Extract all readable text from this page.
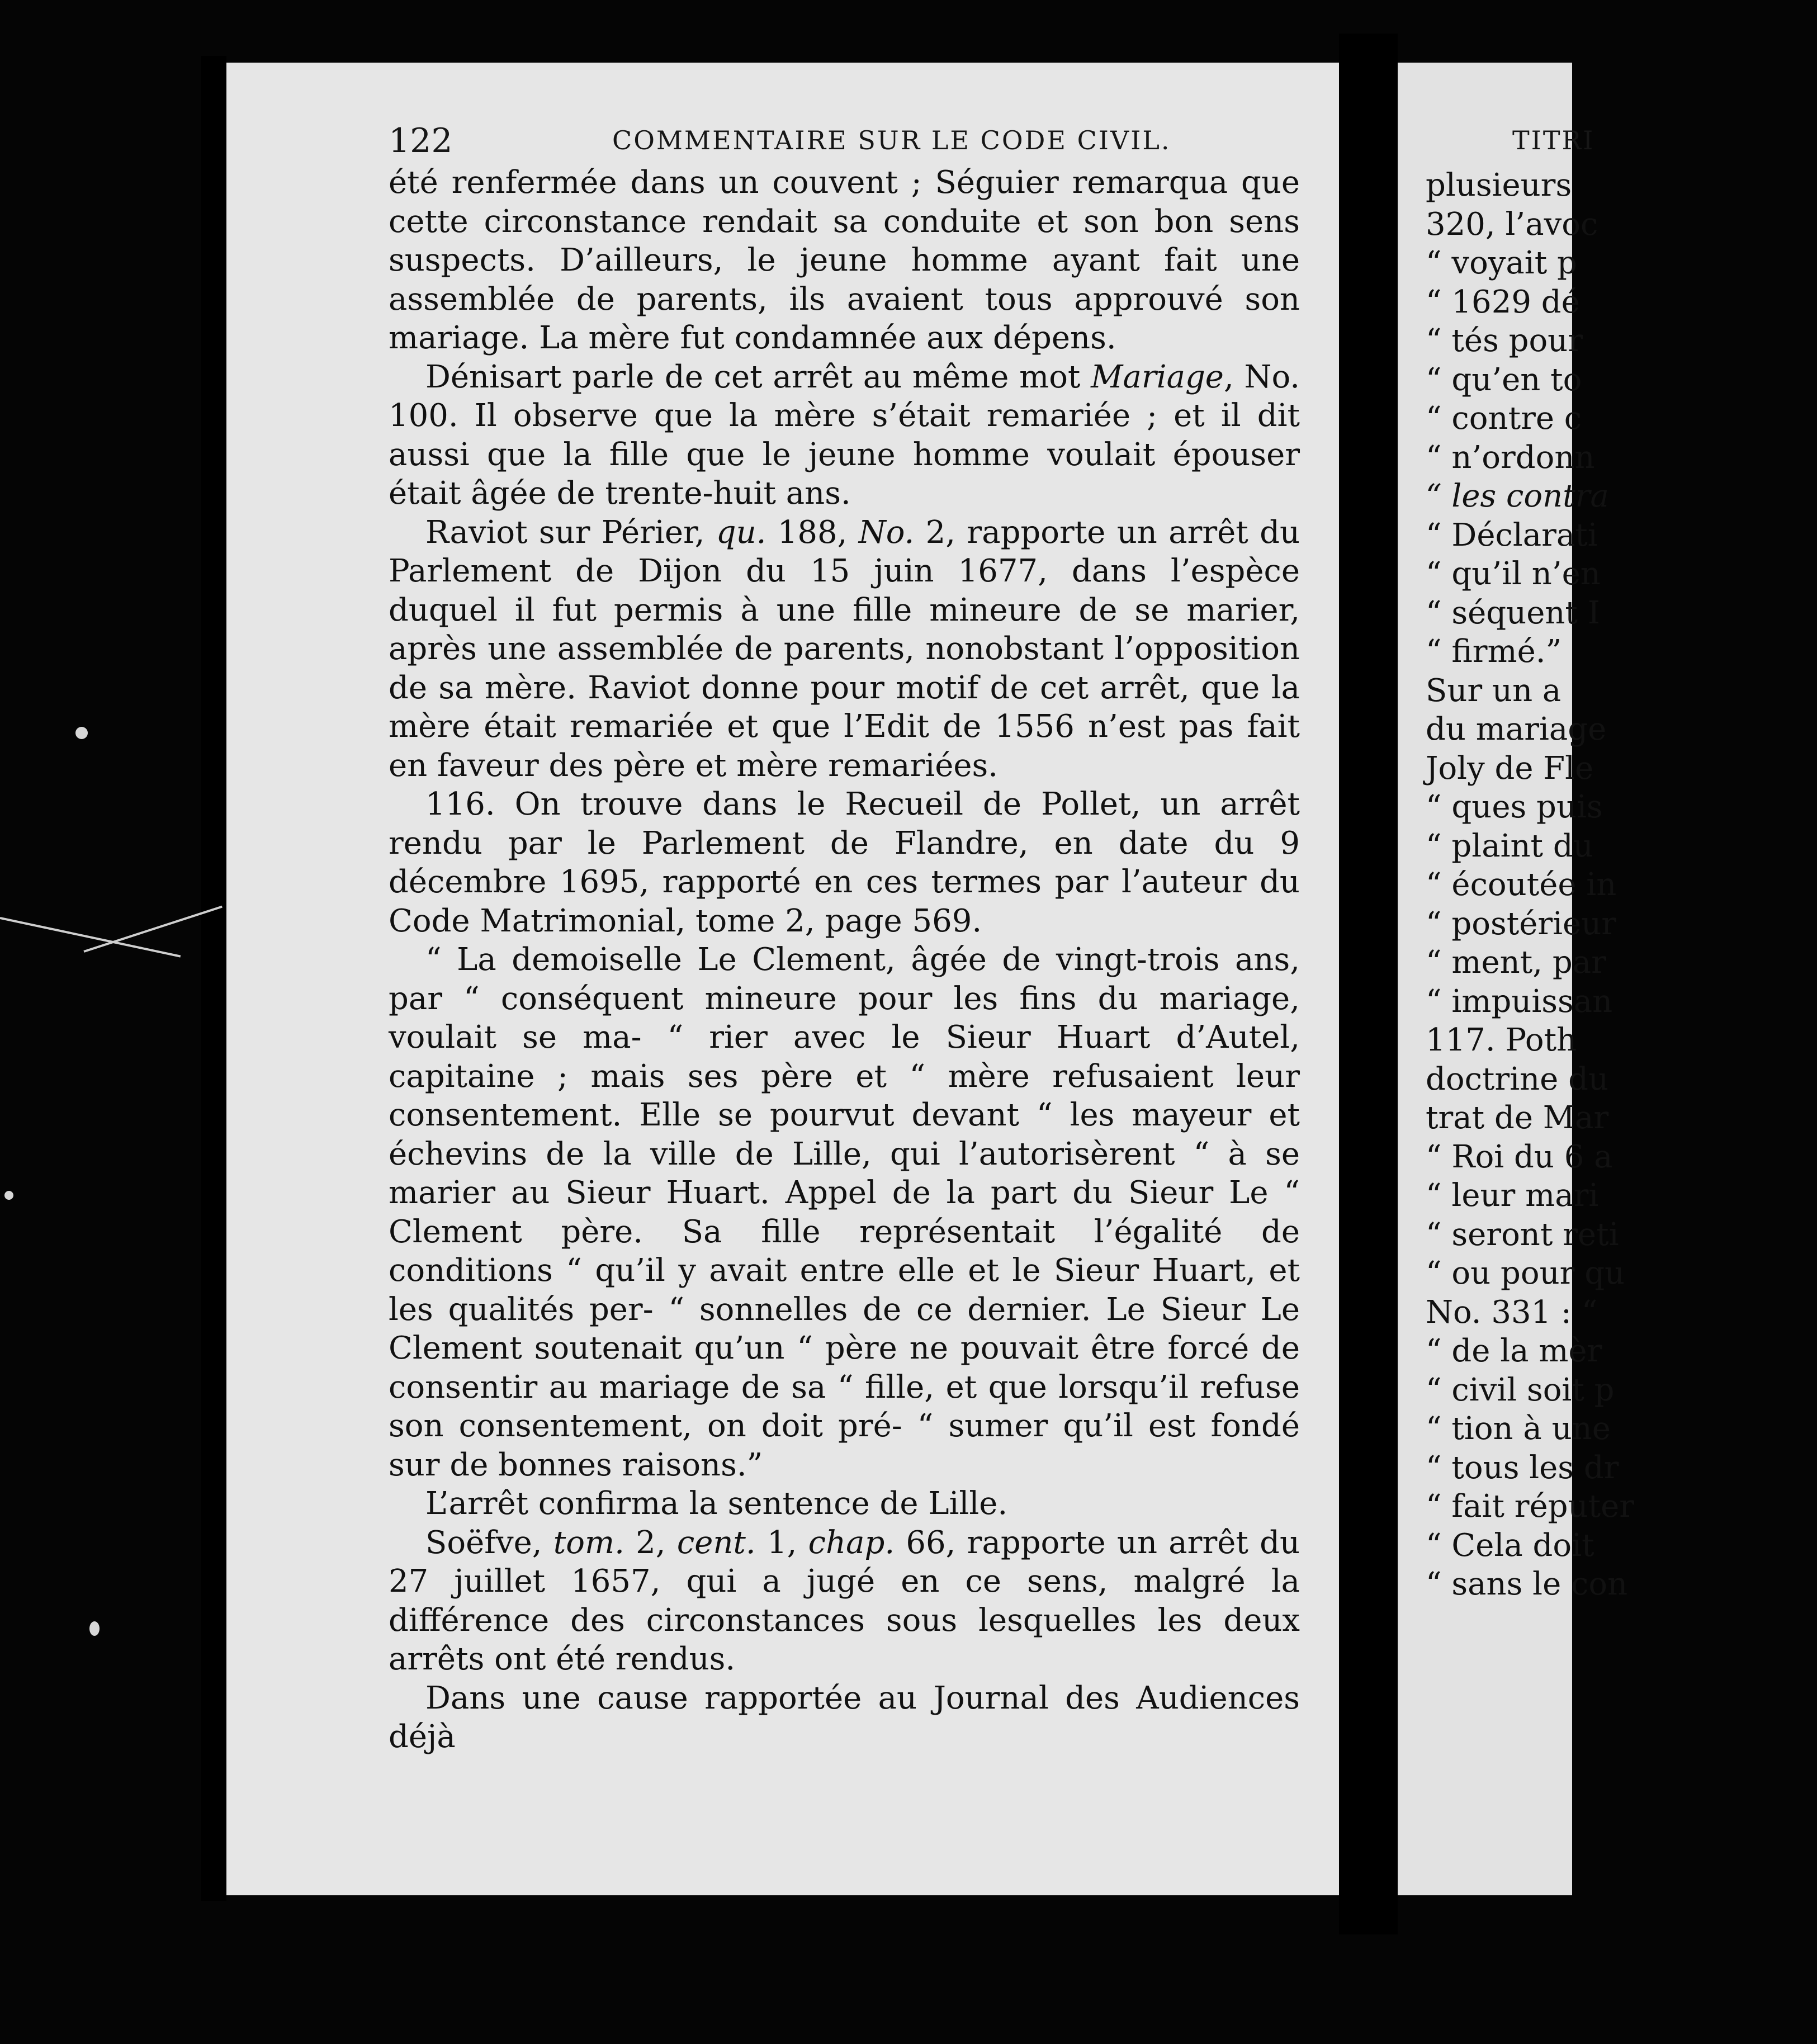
122	COMMENTAIRE SUR LE CODE CIVIL.

été renfermée dans un couvent ; Séguier remarqua que cette circonstance rendait sa conduite et son bon sens suspects. D’ailleurs, le jeune homme ayant fait une assemblée de parents, ils avaient tous approuvé son mariage. La mère fut condamnée aux dépens.

Dénisart parle de cet arrêt au même mot Mariage, No. 100. Il observe que la mère s’était remariée ; et il dit aussi que la fille que le jeune homme voulait épouser était âgée de trente-huit ans.

Raviot sur Périer, qu. 188, No. 2, rapporte un arrêt du Parlement de Dijon du 15 juin 1677, dans l’espèce duquel il fut permis à une fille mineure de se marier, après une assemblée de parents, nonobstant l’opposition de sa mère. Raviot donne pour motif de cet arrêt, que la mère était remariée et que l’Edit de 1556 n’est pas fait en faveur des père et mère remariées.

116. On trouve dans le Recueil de Pollet, un arrêt rendu par le Parlement de Flandre, en date du 9 décembre 1695, rapporté en ces termes par l’auteur du Code Matrimonial, tome 2, page 569.

“ La demoiselle Le Clement, âgée de vingt-trois ans, par “ conséquent mineure pour les fins du mariage, voulait se ma- “ rier avec le Sieur Huart d’Autel, capitaine ; mais ses père et “ mère refusaient leur consentement. Elle se pourvut devant “ les mayeur et échevins de la ville de Lille, qui l’autorisèrent “ à se marier au Sieur Huart. Appel de la part du Sieur Le “ Clement père. Sa fille représentait l’égalité de conditions “ qu’il y avait entre elle et le Sieur Huart, et les qualités per- “ sonnelles de ce dernier. Le Sieur Le Clement soutenait qu’un “ père ne pouvait être forcé de consentir au mariage de sa “ fille, et que lorsqu’il refuse son consentement, on doit pré- “ sumer qu’il est fondé sur de bonnes raisons.”

L’arrêt confirma la sentence de Lille.

Soëfve, tom. 2, cent. 1, chap. 66, rapporte un arrêt du 27 juillet 1657, qui a jugé en ce sens, malgré la différence des circonstances sous lesquelles les deux arrêts ont été rendus.

Dans une cause rapportée au Journal des Audiences déjà

TITRI
plusieurs
320, l’avoc
“ voyait p
“ 1629 dé
“ tés pour
“ qu’en to
“ contre c
“ n’ordonn
“ les contra
“ Déclarati
“ qu’il n’en
“ séquent I
“ firmé.”
Sur un a
du mariage
Joly de Fle
“ ques puis
“ plaint du
“ écoutée in
“ postérieur
“ ment, par
“ impuissan
117. Poth
doctrine du
trat de Mar
“ Roi du 6 a
“ leur mari
“ seront reti
“ ou pour qu
No. 331 : “
“ de la mèr
“ civil soit p
“ tion à une
“ tous les dr
“ fait réputer
“ Cela doit
“ sans le con
